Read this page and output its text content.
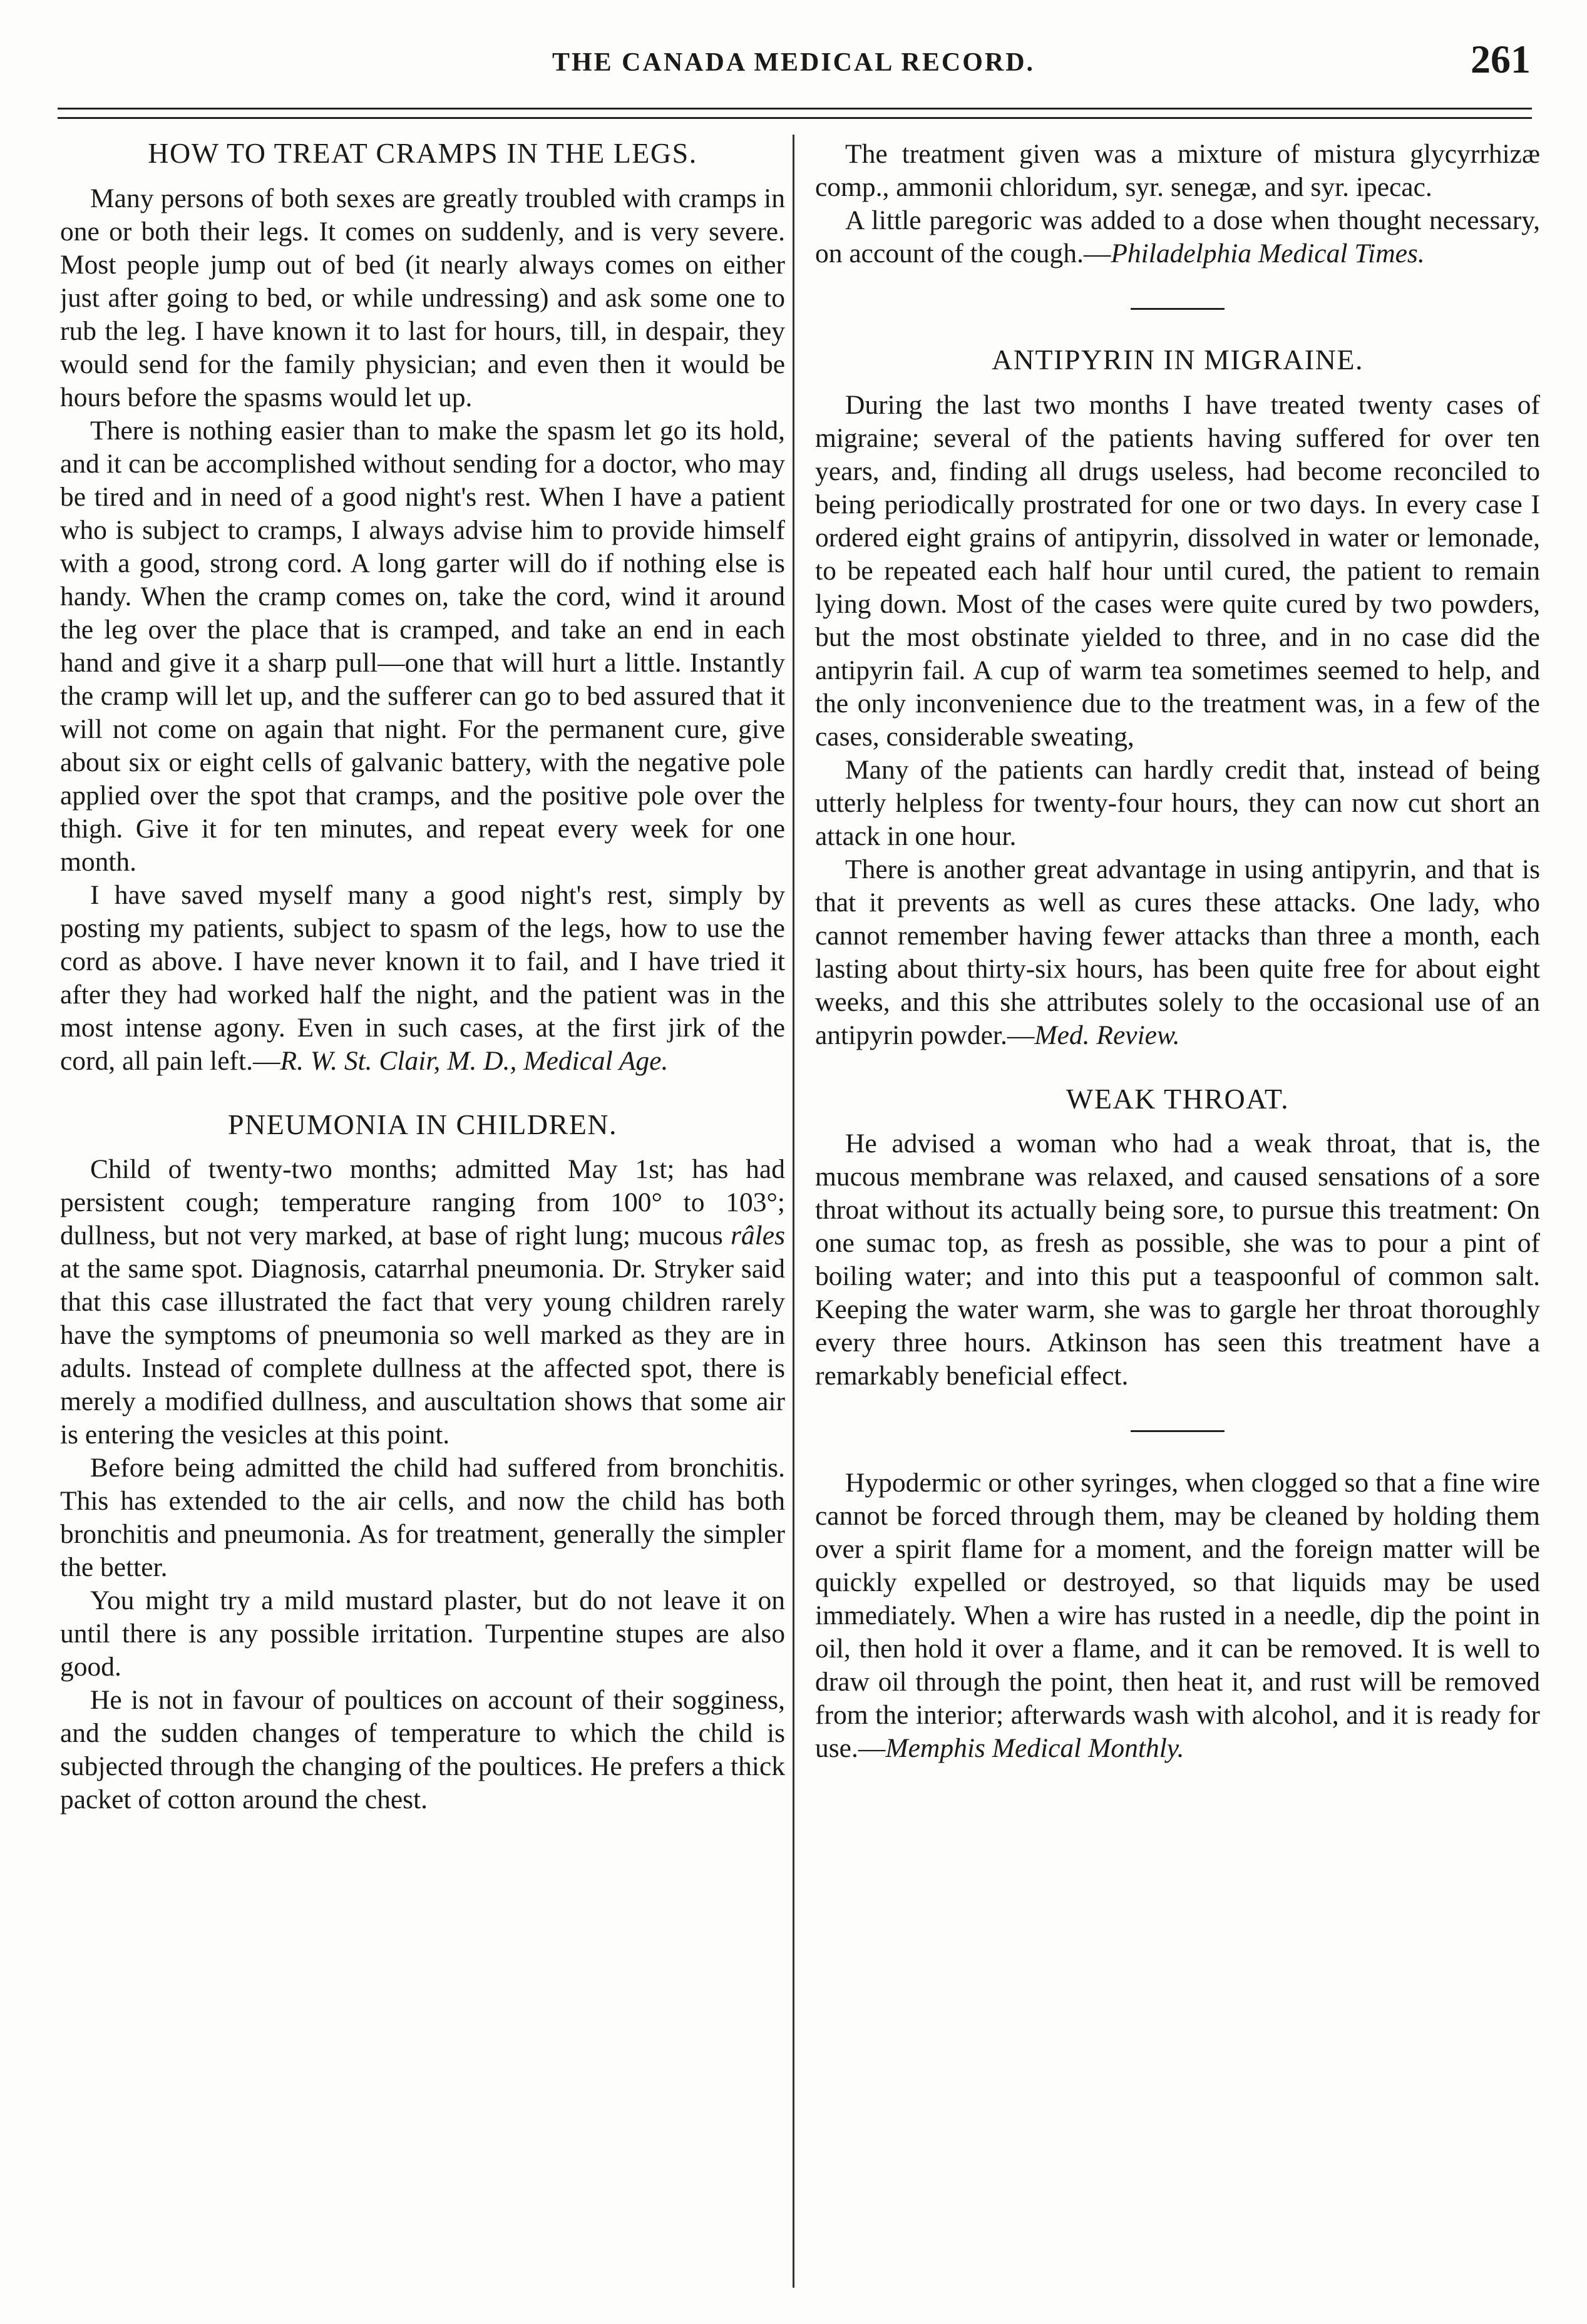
THE CANADA MEDICAL RECORD.	261
HOW TO TREAT CRAMPS IN THE LEGS.

Many persons of both sexes are greatly troubled with cramps in one or both their legs. It comes on suddenly, and is very severe. Most people jump out of bed (it nearly always comes on either just after going to bed, or while undressing) and ask some one to rub the leg. I have known it to last for hours, till, in despair, they would send for the family physician; and even then it would be hours before the spasms would let up.

There is nothing easier than to make the spasm let go its hold, and it can be accomplished without sending for a doctor, who may be tired and in need of a good night's rest. When I have a patient who is subject to cramps, I always advise him to provide himself with a good, strong cord. A long garter will do if nothing else is handy. When the cramp comes on, take the cord, wind it around the leg over the place that is cramped, and take an end in each hand and give it a sharp pull—one that will hurt a little. Instantly the cramp will let up, and the sufferer can go to bed assured that it will not come on again that night. For the permanent cure, give about six or eight cells of galvanic battery, with the negative pole applied over the spot that cramps, and the positive pole over the thigh. Give it for ten minutes, and repeat every week for one month.

I have saved myself many a good night's rest, simply by posting my patients, subject to spasm of the legs, how to use the cord as above. I have never known it to fail, and I have tried it after they had worked half the night, and the patient was in the most intense agony. Even in such cases, at the first jirk of the cord, all pain left.—R. W. St. Clair, M. D., Medical Age.

PNEUMONIA IN CHILDREN.

Child of twenty-two months; admitted May 1st; has had persistent cough; temperature ranging from 100° to 103°; dullness, but not very marked, at base of right lung; mucous râles at the same spot. Diagnosis, catarrhal pneumonia. Dr. Stryker said that this case illustrated the fact that very young children rarely have the symptoms of pneumonia so well marked as they are in adults. Instead of complete dullness at the affected spot, there is merely a modified dullness, and auscultation shows that some air is entering the vesicles at this point.

Before being admitted the child had suffered from bronchitis. This has extended to the air cells, and now the child has both bronchitis and pneumonia. As for treatment, generally the simpler the better.

You might try a mild mustard plaster, but do not leave it on until there is any possible irritation. Turpentine stupes are also good.

He is not in favour of poultices on account of their sogginess, and the sudden changes of temperature to which the child is subjected through the changing of the poultices. He prefers a thick packet of cotton around the chest.

The treatment given was a mixture of mistura glycyrrhizæ comp., ammonii chloridum, syr. senegæ, and syr. ipecac.

A little paregoric was added to a dose when thought necessary, on account of the cough.—Philadelphia Medical Times.

ANTIPYRIN IN MIGRAINE.

During the last two months I have treated twenty cases of migraine; several of the patients having suffered for over ten years, and, finding all drugs useless, had become reconciled to being periodically prostrated for one or two days. In every case I ordered eight grains of antipyrin, dissolved in water or lemonade, to be repeated each half hour until cured, the patient to remain lying down. Most of the cases were quite cured by two powders, but the most obstinate yielded to three, and in no case did the antipyrin fail. A cup of warm tea sometimes seemed to help, and the only inconvenience due to the treatment was, in a few of the cases, considerable sweating,

Many of the patients can hardly credit that, instead of being utterly helpless for twenty-four hours, they can now cut short an attack in one hour.

There is another great advantage in using antipyrin, and that is that it prevents as well as cures these attacks. One lady, who cannot remember having fewer attacks than three a month, each lasting about thirty-six hours, has been quite free for about eight weeks, and this she attributes solely to the occasional use of an antipyrin powder.—Med. Review.

WEAK THROAT.

He advised a woman who had a weak throat, that is, the mucous membrane was relaxed, and caused sensations of a sore throat without its actually being sore, to pursue this treatment: On one sumac top, as fresh as possible, she was to pour a pint of boiling water; and into this put a teaspoonful of common salt. Keeping the water warm, she was to gargle her throat thoroughly every three hours. Atkinson has seen this treatment have a remarkably beneficial effect.

Hypodermic or other syringes, when clogged so that a fine wire cannot be forced through them, may be cleaned by holding them over a spirit flame for a moment, and the foreign matter will be quickly expelled or destroyed, so that liquids may be used immediately. When a wire has rusted in a needle, dip the point in oil, then hold it over a flame, and it can be removed. It is well to draw oil through the point, then heat it, and rust will be removed from the interior; afterwards wash with alcohol, and it is ready for use.—Memphis Medical Monthly.
